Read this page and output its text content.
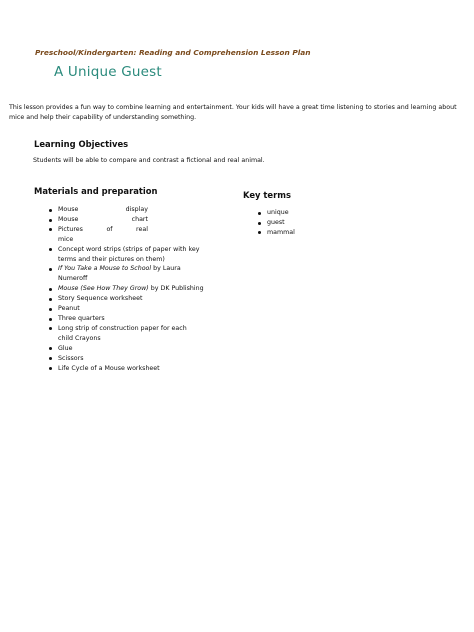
Preschool/Kindergarten: Reading and Comprehension Lesson Plan
A Unique Guest

This lesson provides a fun way to combine learning and entertainment. Your kids will have a great time listening to stories and learning about mice and help their capability of understanding something.

Learning Objectives

Students will be able to compare and contrast a fictional and real animal.

Materials and preparation	Key terms
Mouse	display
Mouse	chart
Pictures	of	real
mice
Concept word strips (strips of paper with key
terms and their pictures on them)
If You Take a Mouse to School by Laura
Numeroff
Mouse (See How They Grow) by DK Publishing
Story Sequence worksheet
Peanut
Three quarters
Long strip of construction paper for each
child Crayons
Glue
Scissors
Life Cycle of a Mouse worksheet
unique
guest
mammal
